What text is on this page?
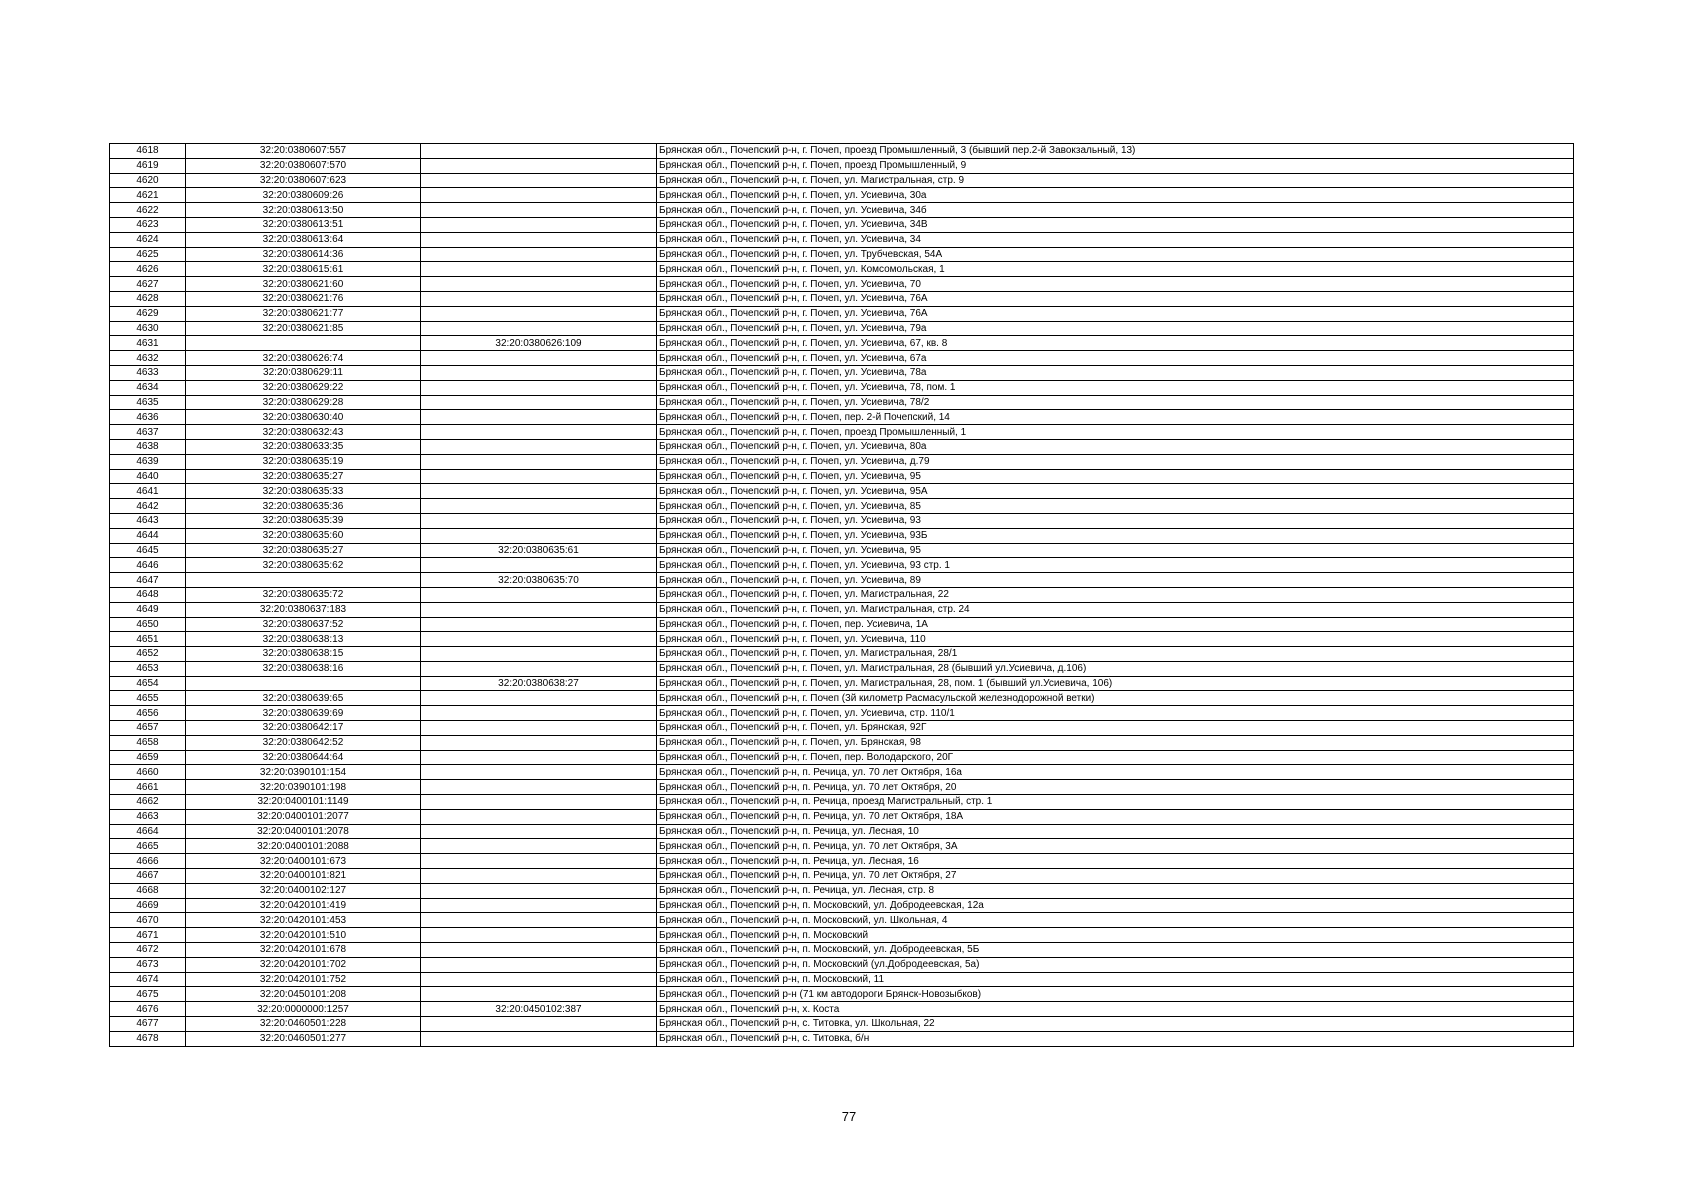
4618	32:20:0380607:557		Брянская обл., Почепский р-н, г. Почеп, проезд Промышленный, 3 (бывший пер.2-й Завокзальный, 13)
4619	32:20:0380607:570		Брянская обл., Почепский р-н, г. Почеп, проезд Промышленный, 9
4620	32:20:0380607:623		Брянская обл., Почепский р-н, г. Почеп, ул. Магистральная, стр. 9
4621	32:20:0380609:26		Брянская обл., Почепский р-н, г. Почеп, ул. Усиевича, 30а
4622	32:20:0380613:50		Брянская обл., Почепский р-н, г. Почеп, ул. Усиевича, 34б
4623	32:20:0380613:51		Брянская обл., Почепский р-н, г. Почеп, ул. Усиевича, 34В
4624	32:20:0380613:64		Брянская обл., Почепский р-н, г. Почеп, ул. Усиевича, 34
4625	32:20:0380614:36		Брянская обл., Почепский р-н, г. Почеп, ул. Трубчевская, 54А
4626	32:20:0380615:61		Брянская обл., Почепский р-н, г. Почеп, ул. Комсомольская, 1
4627	32:20:0380621:60		Брянская обл., Почепский р-н, г. Почеп, ул. Усиевича, 70
4628	32:20:0380621:76		Брянская обл., Почепский р-н, г. Почеп, ул. Усиевича, 76А
4629	32:20:0380621:77		Брянская обл., Почепский р-н, г. Почеп, ул. Усиевича, 76А
4630	32:20:0380621:85		Брянская обл., Почепский р-н, г. Почеп, ул. Усиевича, 79а
4631		32:20:0380626:109	Брянская обл., Почепский р-н, г. Почеп, ул. Усиевича, 67, кв. 8
4632	32:20:0380626:74		Брянская обл., Почепский р-н, г. Почеп, ул. Усиевича, 67а
4633	32:20:0380629:11		Брянская обл., Почепский р-н, г. Почеп, ул. Усиевича, 78а
4634	32:20:0380629:22		Брянская обл., Почепский р-н, г. Почеп, ул. Усиевича, 78, пом. 1
4635	32:20:0380629:28		Брянская обл., Почепский р-н, г. Почеп, ул. Усиевича, 78/2
4636	32:20:0380630:40		Брянская обл., Почепский р-н, г. Почеп, пер. 2-й Почепский, 14
4637	32:20:0380632:43		Брянская обл., Почепский р-н, г. Почеп, проезд Промышленный, 1
4638	32:20:0380633:35		Брянская обл., Почепский р-н, г. Почеп, ул. Усиевича, 80а
4639	32:20:0380635:19		Брянская обл., Почепский р-н, г. Почеп, ул. Усиевича, д.79
4640	32:20:0380635:27		Брянская обл., Почепский р-н, г. Почеп, ул. Усиевича, 95
4641	32:20:0380635:33		Брянская обл., Почепский р-н, г. Почеп, ул. Усиевича, 95А
4642	32:20:0380635:36		Брянская обл., Почепский р-н, г. Почеп, ул. Усиевича, 85
4643	32:20:0380635:39		Брянская обл., Почепский р-н, г. Почеп, ул. Усиевича, 93
4644	32:20:0380635:60		Брянская обл., Почепский р-н, г. Почеп, ул. Усиевича, 93Б
4645	32:20:0380635:27	32:20:0380635:61	Брянская обл., Почепский р-н, г. Почеп, ул. Усиевича, 95
4646	32:20:0380635:62		Брянская обл., Почепский р-н, г. Почеп, ул. Усиевича, 93 стр. 1
4647		32:20:0380635:70	Брянская обл., Почепский р-н, г. Почеп, ул. Усиевича, 89
4648	32:20:0380635:72		Брянская обл., Почепский р-н, г. Почеп, ул. Магистральная, 22
4649	32:20:0380637:183		Брянская обл., Почепский р-н, г. Почеп, ул. Магистральная, стр. 24
4650	32:20:0380637:52		Брянская обл., Почепский р-н, г. Почеп, пер. Усиевича, 1А
4651	32:20:0380638:13		Брянская обл., Почепский р-н, г. Почеп, ул. Усиевича, 110
4652	32:20:0380638:15		Брянская обл., Почепский р-н, г. Почеп, ул. Магистральная, 28/1
4653	32:20:0380638:16		Брянская обл., Почепский р-н, г. Почеп, ул. Магистральная, 28 (бывший ул.Усиевича, д.106)
4654		32:20:0380638:27	Брянская обл., Почепский р-н, г. Почеп, ул. Магистральная, 28, пом. 1 (бывший ул.Усиевича, 106)
4655	32:20:0380639:65		Брянская обл., Почепский р-н, г. Почеп (3й километр Расмасульской железнодорожной ветки)
4656	32:20:0380639:69		Брянская обл., Почепский р-н, г. Почеп, ул. Усиевича, стр. 110/1
4657	32:20:0380642:17		Брянская обл., Почепский р-н, г. Почеп, ул. Брянская, 92Г
4658	32:20:0380642:52		Брянская обл., Почепский р-н, г. Почеп, ул. Брянская, 98
4659	32:20:0380644:64		Брянская обл., Почепский р-н, г. Почеп, пер. Володарского, 20Г
4660	32:20:0390101:154		Брянская обл., Почепский р-н, п. Речица, ул. 70 лет Октября, 16а
4661	32:20:0390101:198		Брянская обл., Почепский р-н, п. Речица, ул. 70 лет Октября, 20
4662	32:20:0400101:1149		Брянская обл., Почепский р-н, п. Речица, проезд Магистральный, стр. 1
4663	32:20:0400101:2077		Брянская обл., Почепский р-н, п. Речица, ул. 70 лет Октября, 18А
4664	32:20:0400101:2078		Брянская обл., Почепский р-н, п. Речица, ул. Лесная, 10
4665	32:20:0400101:2088		Брянская обл., Почепский р-н, п. Речица, ул. 70 лет Октября, 3А
4666	32:20:0400101:673		Брянская обл., Почепский р-н, п. Речица, ул. Лесная, 16
4667	32:20:0400101:821		Брянская обл., Почепский р-н, п. Речица, ул. 70 лет Октября, 27
4668	32:20:0400102:127		Брянская обл., Почепский р-н, п. Речица, ул. Лесная, стр. 8
4669	32:20:0420101:419		Брянская обл., Почепский р-н, п. Московский, ул. Добродеевская, 12а
4670	32:20:0420101:453		Брянская обл., Почепский р-н, п. Московский, ул. Школьная, 4
4671	32:20:0420101:510		Брянская обл., Почепский р-н, п. Московский
4672	32:20:0420101:678		Брянская обл., Почепский р-н, п. Московский, ул. Добродеевская, 5Б
4673	32:20:0420101:702		Брянская обл., Почепский р-н, п. Московский (ул.Добродеевская, 5а)
4674	32:20:0420101:752		Брянская обл., Почепский р-н, п. Московский, 11
4675	32:20:0450101:208		Брянская обл., Почепский р-н (71 км автодороги Брянск-Новозыбков)
4676	32:20:0000000:1257	32:20:0450102:387	Брянская обл., Почепский р-н, х. Коста
4677	32:20:0460501:228		Брянская обл., Почепский р-н, с. Титовка, ул. Школьная, 22
4678	32:20:0460501:277		Брянская обл., Почепский р-н, с. Титовка, б/н
77
